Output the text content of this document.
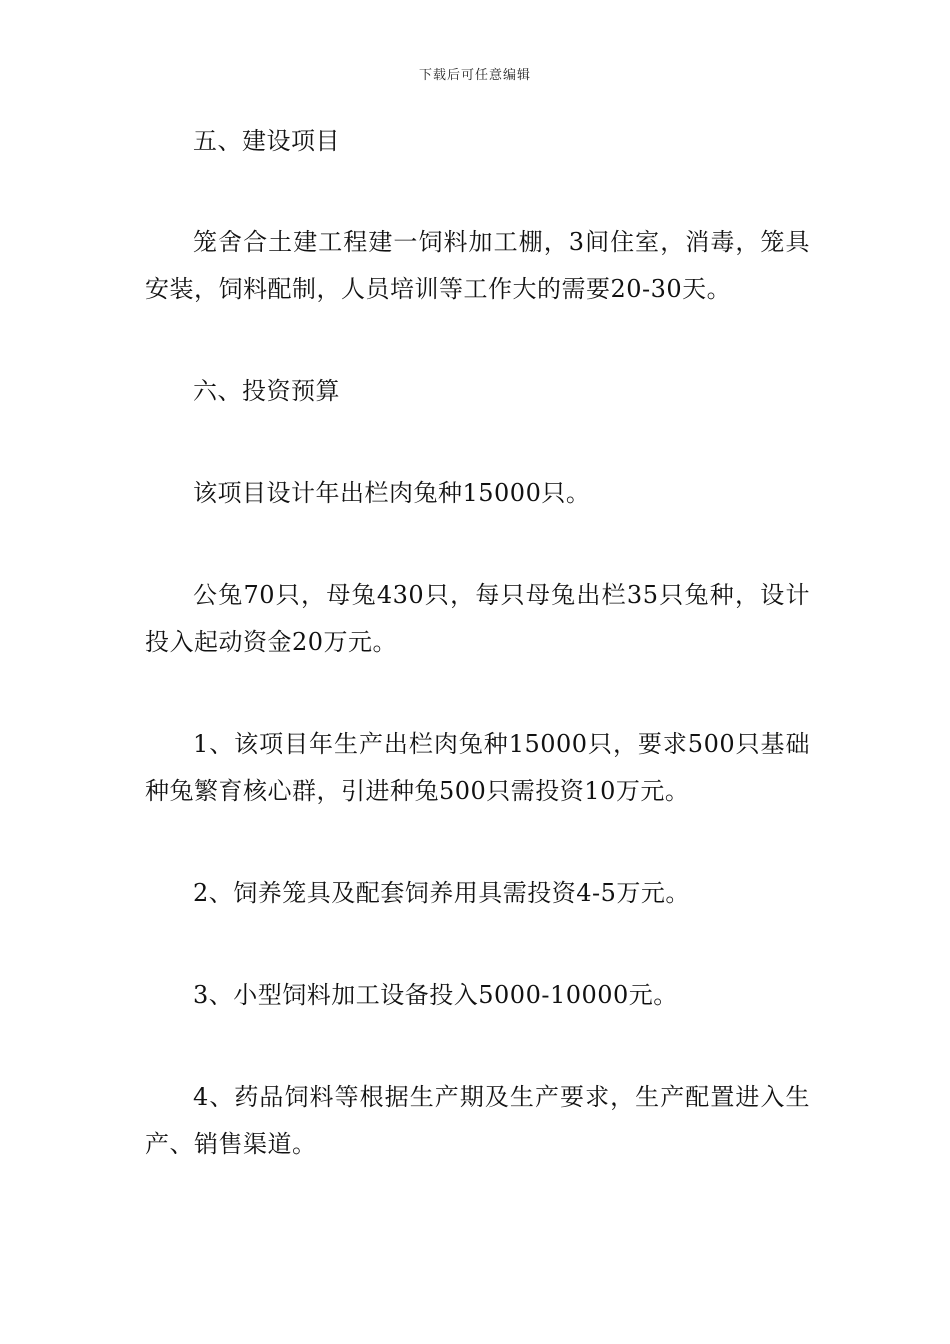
下载后可任意编辑

五、建设项目

笼舍合土建工程建一饲料加工棚，3间住室，消毒，笼具安装，饲料配制，人员培训等工作大的需要20-30天。

六、投资预算

该项目设计年出栏肉兔种15000只。

公兔70只，母兔430只，每只母兔出栏35只兔种，设计投入起动资金20万元。

1、该项目年生产出栏肉兔种15000只，要求500只基础种兔繁育核心群，引进种兔500只需投资10万元。

2、饲养笼具及配套饲养用具需投资4-5万元。

3、小型饲料加工设备投入5000-10000元。

4、药品饲料等根据生产期及生产要求，生产配置进入生产、销售渠道。
